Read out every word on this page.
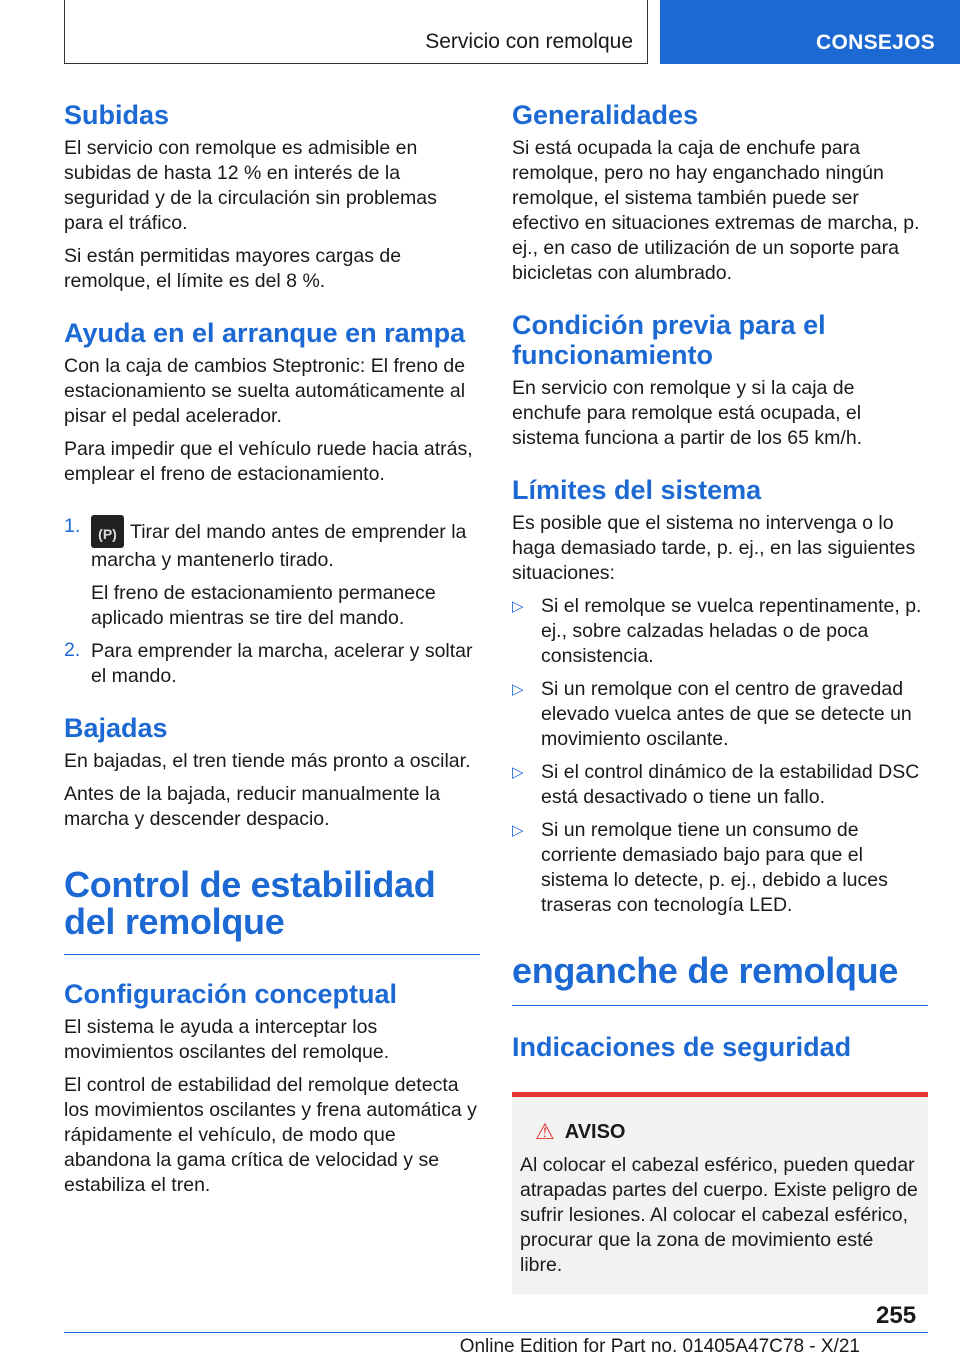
Servicio con remolque	CONSEJOS
Subidas

El servicio con remolque es admisible en subidas de hasta 12 % en interés de la seguridad y de la circulación sin problemas para el tráfico.

Si están permitidas mayores cargas de remolque, el límite es del 8 %.

Ayuda en el arranque en rampa

Con la caja de cambios Steptronic: El freno de estacionamiento se suelta automáticamente al pisar el pedal acelerador.

Para impedir que el vehículo ruede hacia atrás, emplear el freno de estacionamiento.

1.

(P)	Tirar del mando antes de emprender la marcha y mantenerlo tirado.

El freno de estacionamiento permanece aplicado mientras se tire del mando.

2. Para emprender la marcha, acelerar y soltar el mando.

Bajadas

En bajadas, el tren tiende más pronto a oscilar.

Antes de la bajada, reducir manualmente la marcha y descender despacio.

Control de estabilidad del remolque
Configuración conceptual

El sistema le ayuda a interceptar los movimientos oscilantes del remolque.

El control de estabilidad del remolque detecta los movimientos oscilantes y frena automática y rápidamente el vehículo, de modo que abandona la gama crítica de velocidad y se estabiliza el tren.

Generalidades

Si está ocupada la caja de enchufe para remolque, pero no hay enganchado ningún remolque, el sistema también puede ser efectivo en situaciones extremas de marcha, p. ej., en caso de utilización de un soporte para bicicletas con alumbrado.

Condición previa para el funcionamiento

En servicio con remolque y si la caja de enchufe para remolque está ocupada, el sistema funciona a partir de los 65 km/h.

Límites del sistema

Es posible que el sistema no intervenga o lo haga demasiado tarde, p. ej., en las siguientes situaciones:

▷ Si el remolque se vuelca repentinamente, p. ej., sobre calzadas heladas o de poca consistencia.

▷ Si un remolque con el centro de gravedad elevado vuelca antes de que se detecte un movimiento oscilante.

▷ Si el control dinámico de la estabilidad DSC está desactivado o tiene un fallo.

▷ Si un remolque tiene un consumo de corriente demasiado bajo para que el sistema lo detecte, p. ej., debido a luces traseras con tecnología LED.

enganche de remolque
Indicaciones de seguridad
⚠ AVISO

Al colocar el cabezal esférico, pueden quedar atrapadas partes del cuerpo. Existe peligro de sufrir lesiones. Al colocar el cabezal esférico, procurar que la zona de movimiento esté libre.

255
Online Edition for Part no. 01405A47C78 - X/21
